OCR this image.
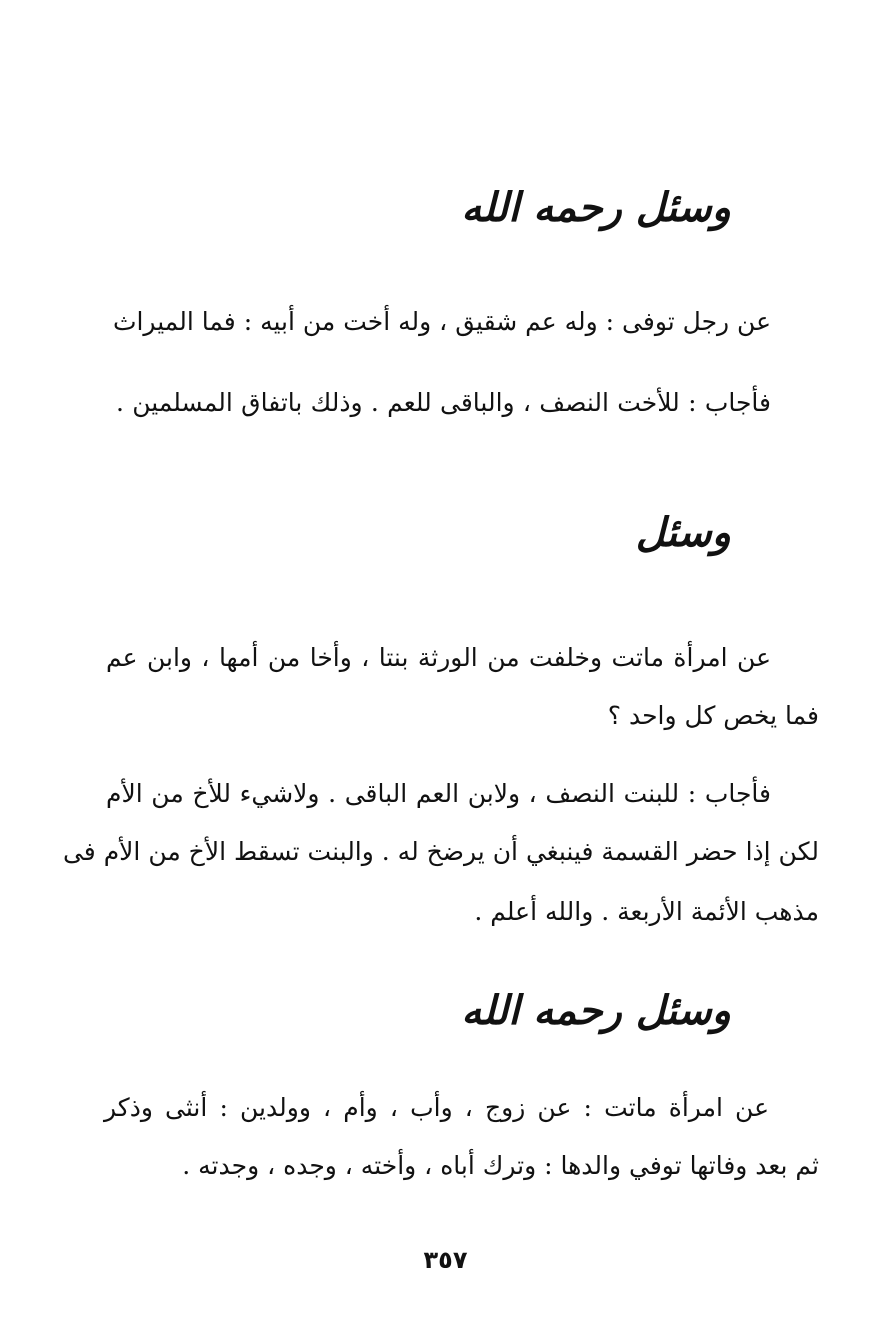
وسئل رحمه الله
عن رجل توفى : وله عم شقيق ، وله أخت من أبيه : فما الميراث
فأجاب : للأخت النصف ، والباقى للعم . وذلك باتفاق المسلمين .
وسئل
عن امرأة ماتت وخلفت من الورثة بنتا ، وأخا من أمها ، وابن عم
فما يخص كل واحد ؟
فأجاب : للبنت النصف ، ولابن العم الباقى . ولاشيء للأخ من الأم
لكن إذا حضر القسمة فينبغي أن يرضخ له . والبنت تسقط الأخ من الأم فى
مذهب الأئمة الأربعة . والله أعلم .
وسئل رحمه الله
عن امرأة ماتت : عن زوج ، وأب ، وأم ، وولدين : أنثى وذكر
ثم بعد وفاتها توفي والدها : وترك أباه ، وأخته ، وجده ، وجدته .
٣٥٧
